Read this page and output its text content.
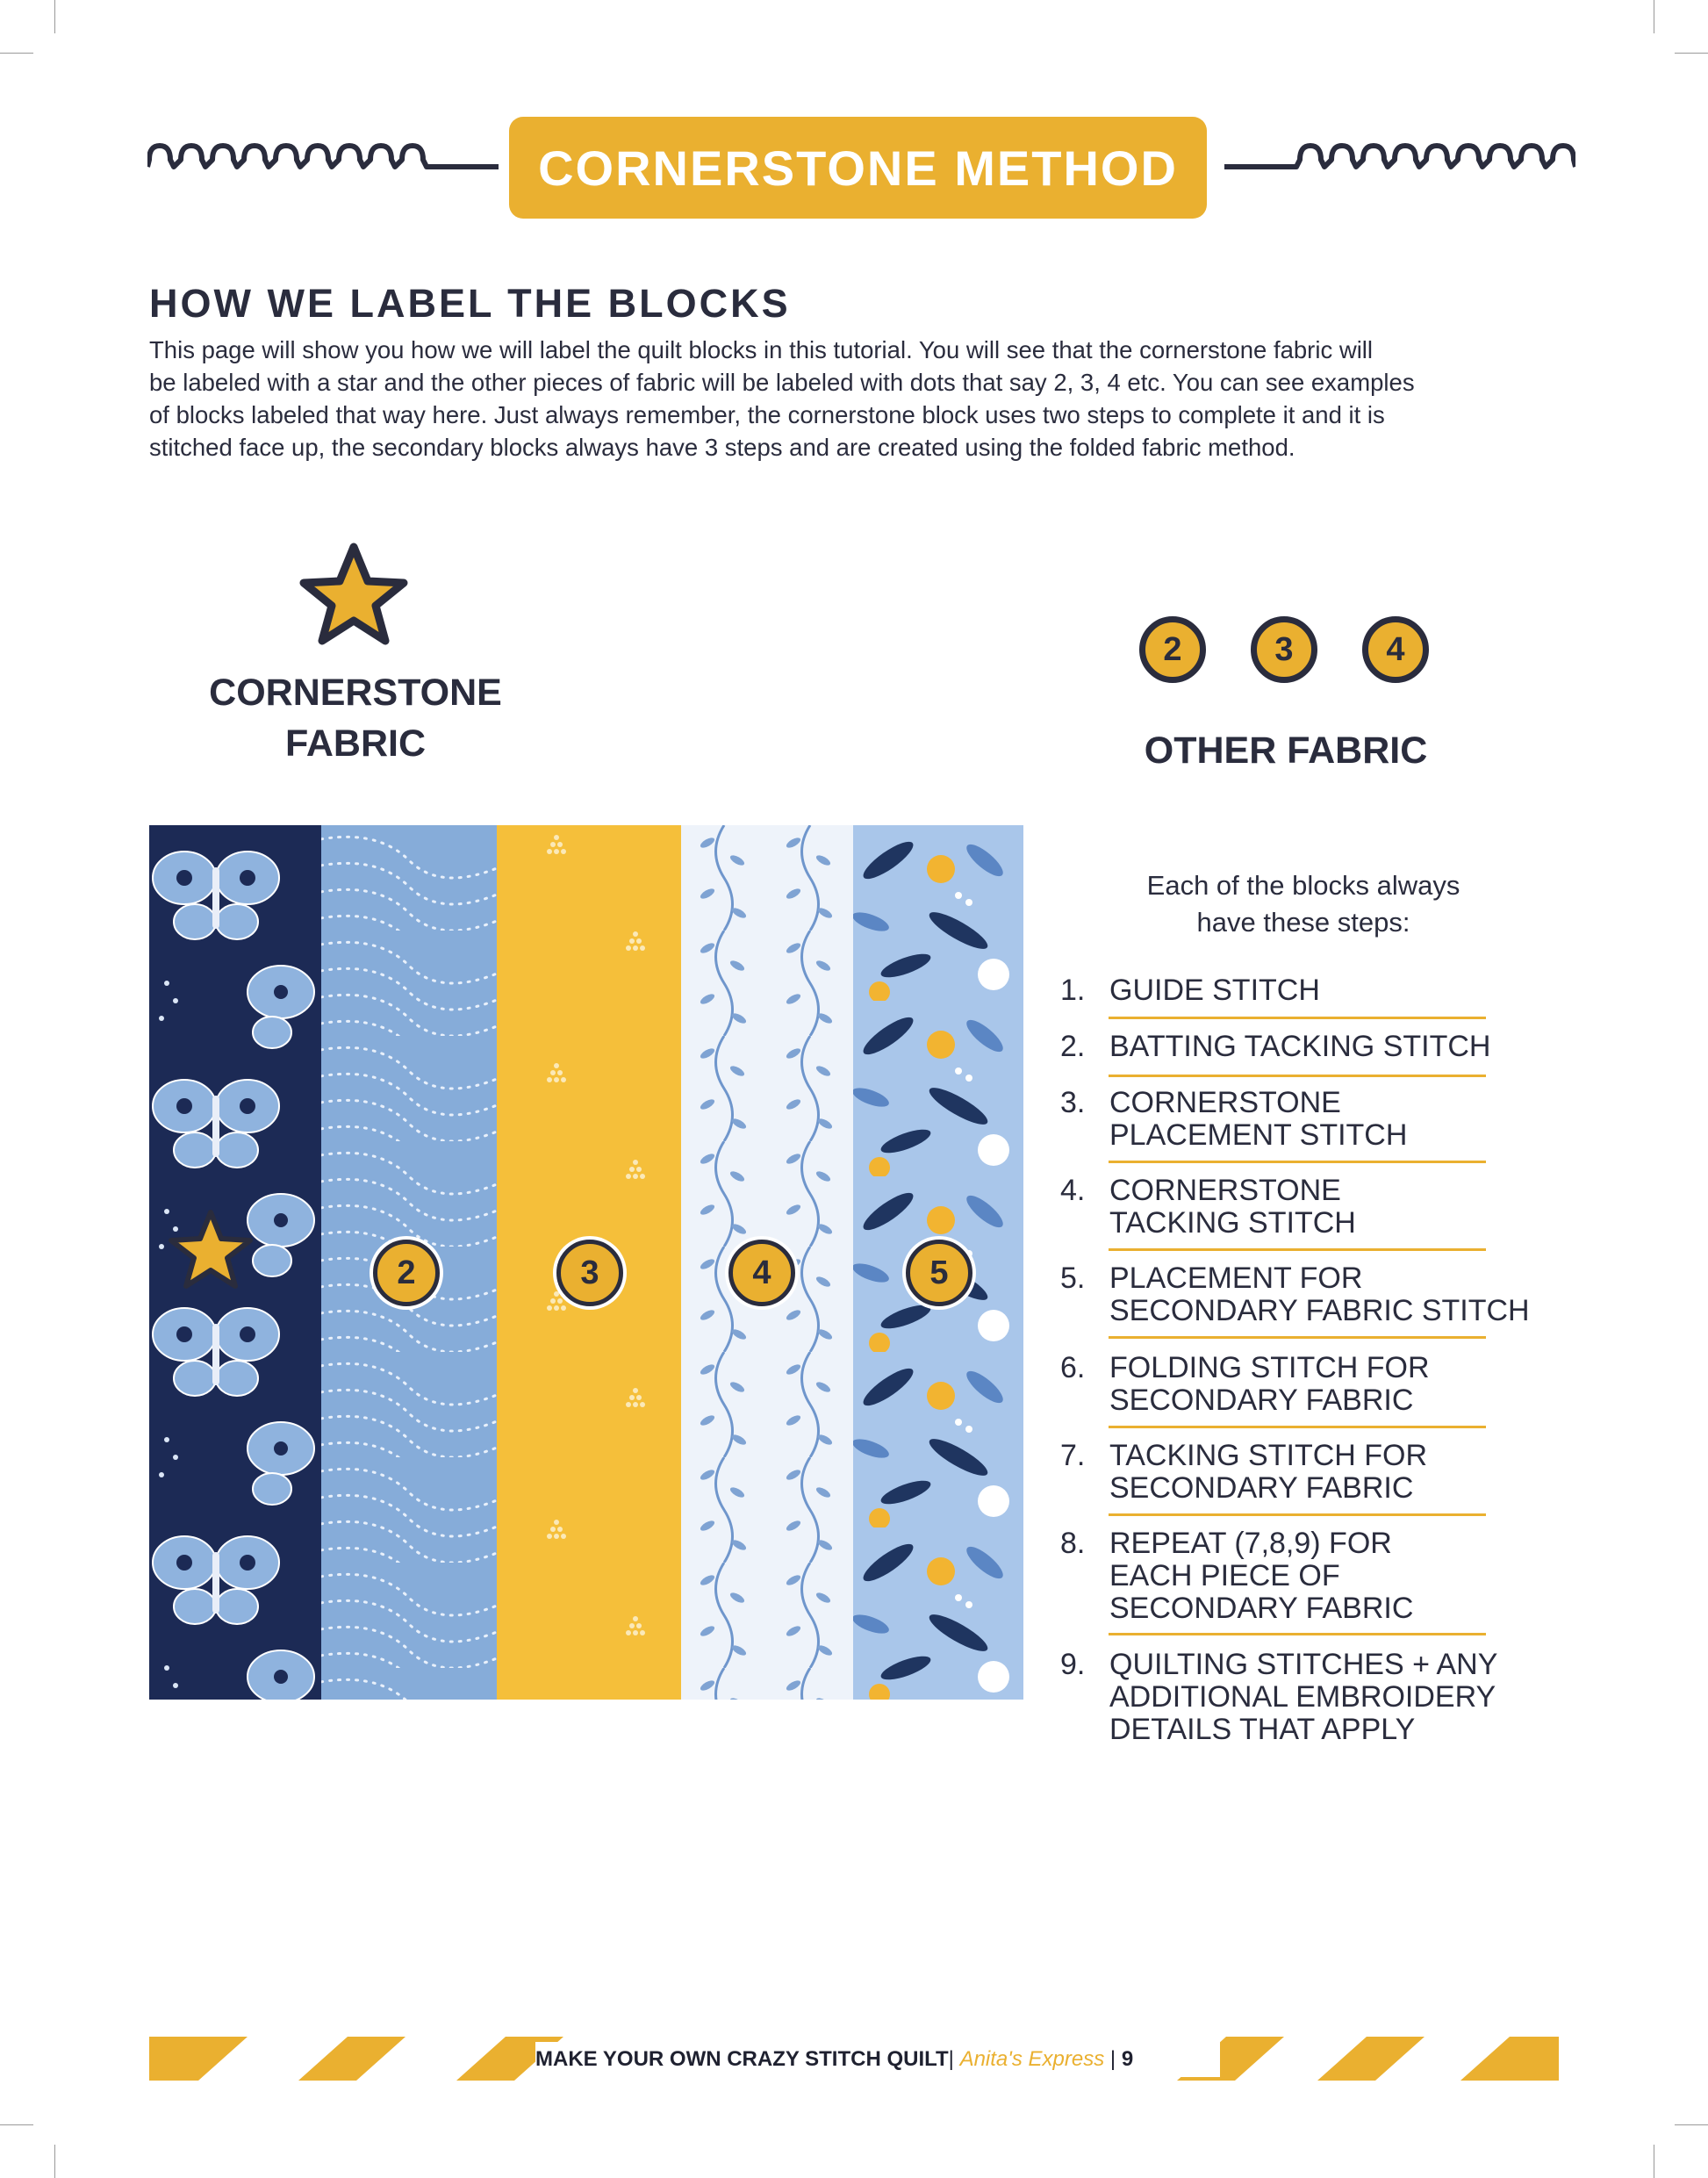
CORNERSTONE METHOD
HOW WE LABEL THE BLOCKS
This page will show you how we will label the quilt blocks in this tutorial. You will see that the cornerstone fabric will
be labeled with a star and the other pieces of fabric will be labeled with dots that say 2, 3, 4 etc. You can see examples
of blocks labeled that way here. Just always remember, the cornerstone block uses two steps to complete it and it is
stitched face up, the secondary blocks always have 3 steps and are created using the folded fabric method.
CORNERSTONE
FABRIC
2	3	4
OTHER FABRIC
2	3	4	5
Each of the blocks always
have these steps:
1. GUIDE STITCH
2. BATTING TACKING STITCH
3. CORNERSTONE
PLACEMENT STITCH
4. CORNERSTONE
TACKING STITCH
5. PLACEMENT FOR
SECONDARY FABRIC STITCH
6. FOLDING STITCH FOR
SECONDARY FABRIC
7. TACKING STITCH FOR
SECONDARY FABRIC
8. REPEAT (7,8,9) FOR
EACH PIECE OF
SECONDARY FABRIC
9. QUILTING STITCHES + ANY
ADDITIONAL EMBROIDERY
DETAILS THAT APPLY
MAKE YOUR OWN CRAZY STITCH QUILT| Anita's Express | 9
